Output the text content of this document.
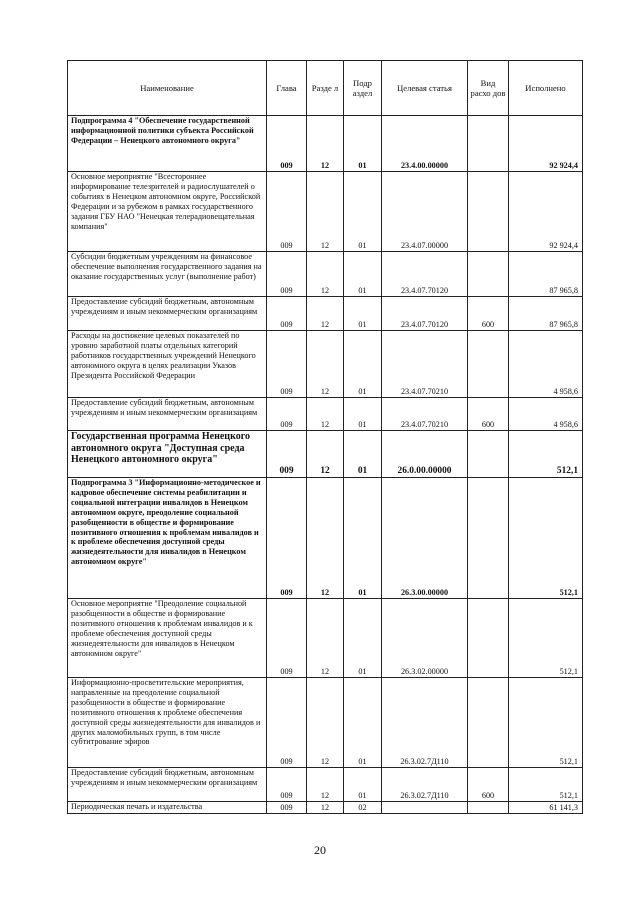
Наименование	Глава	Разде л	Подр аздел	Целевая статья	Вид расхо дов	Исполнено
Подпрограмма 4 "Обеспечение государственной информационной политики субъекта Российской Федерации – Ненецкого автономного округа"	009	12	01	23.4.00.00000		92 924,4
Основное мероприятие "Всестороннее информирование телезрителей и радиослушателей о событиях в Ненецком автономном округе, Российской Федерации и за рубежом в рамках государственного задания ГБУ НАО "Ненецкая телерадиовещательная компания"	009	12	01	23.4.07.00000		92 924,4
Субсидии бюджетным учреждениям на финансовое обеспечение выполнения государственного задания на оказание государственных услуг (выполнение работ)	009	12	01	23.4.07.70120		87 965,8
Предоставление субсидий бюджетным, автономным учреждениям и иным некоммерческим организациям	009	12	01	23.4.07.70120	600	87 965,8
Расходы на достижение целевых показателей по уровню заработной платы отдельных категорий работников государственных учреждений Ненецкого автономного округа в целях реализации Указов Президента Российской Федерации	009	12	01	23.4.07.70210		4 958,6
Предоставление субсидий бюджетным, автономным учреждениям и иным некоммерческим организациям	009	12	01	23.4.07.70210	600	4 958,6
Государственная программа Ненецкого автономного округа "Доступная среда Ненецкого автономного округа"	009	12	01	26.0.00.00000		512,1
Подпрограмма 3 "Информационно-методическое и кадровое обеспечение системы реабилитации и социальной интеграции инвалидов в Ненецком автономном округе, преодоление социальной разобщенности в обществе и формирование позитивного отношения к проблемам инвалидов и к проблеме обеспечения доступной среды жизнедеятельности для инвалидов в Ненецком автономном округе"	009	12	01	26.3.00.00000		512,1
Основное мероприятие "Преодоление социальной разобщенности в обществе и формирование позитивного отношения к проблемам инвалидов и к проблеме обеспечения доступной среды жизнедеятельности для инвалидов в Ненецком автономном округе"	009	12	01	26.3.02.00000		512,1
Информационно-просветительские мероприятия, направленные на преодоление социальной разобщенности в обществе и формирование позитивного отношения к проблеме обеспечения доступной среды жизнедеятельности для инвалидов и других маломобильных групп, в том числе субтитрование эфиров	009	12	01	26.3.02.7Д110		512,1
Предоставление субсидий бюджетным, автономным учреждениям и иным некоммерческим организациям	009	12	01	26.3.02.7Д110	600	512,1
Периодическая печать и издательства	009	12	02			61 141,3
20
